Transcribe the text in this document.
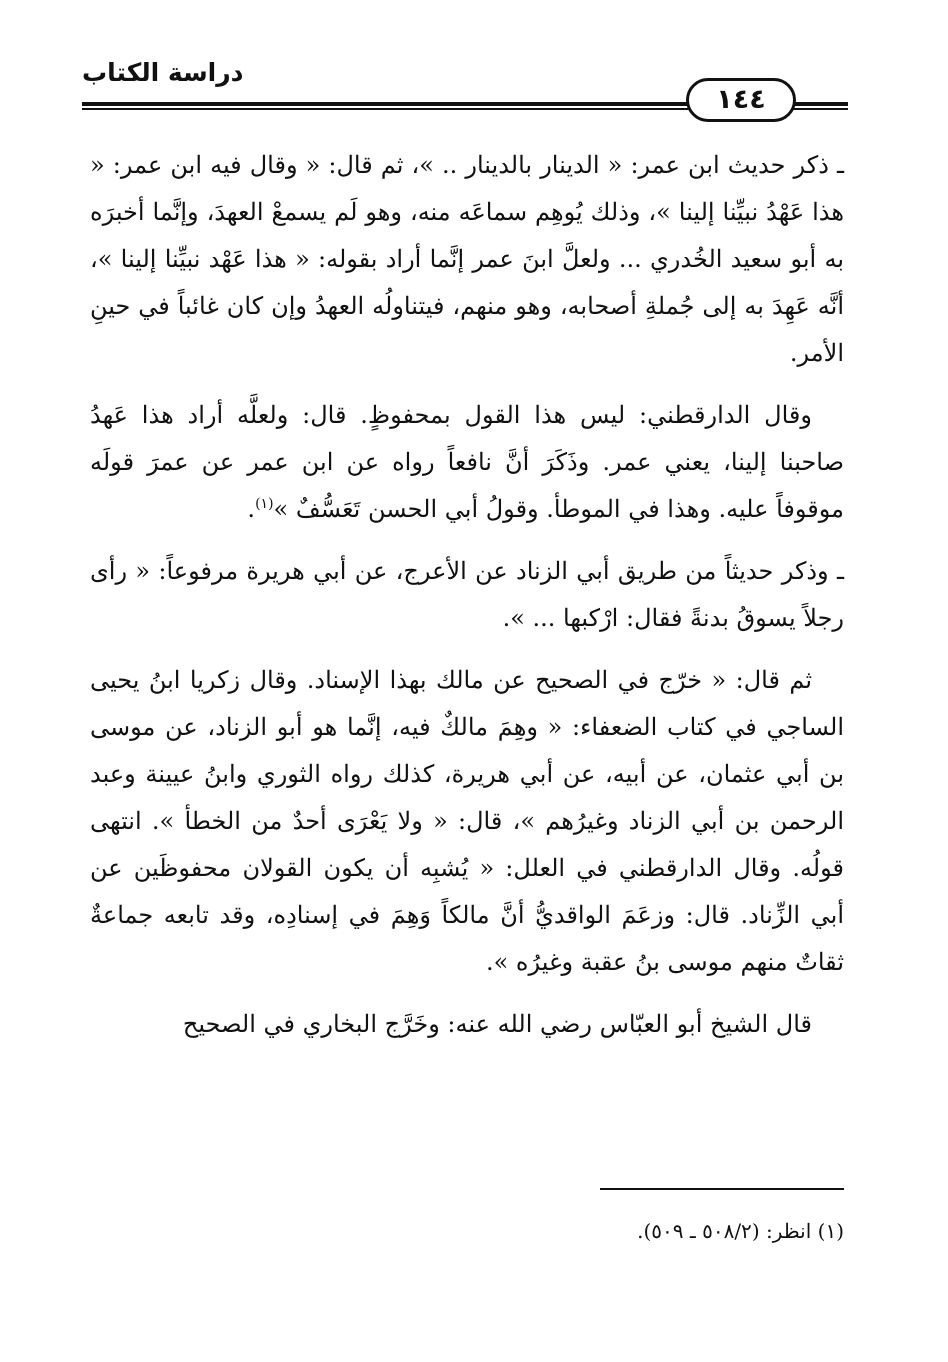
دراسة الكتاب
١٤٤

ـ ذكر حديث ابن عمر: « الدينار بالدينار .. »، ثم قال: « وقال فيه ابن عمر: « هذا عَهْدُ نبيِّنا إلينا »، وذلك يُوهِم سماعَه منه، وهو لَم يسمعْ العهدَ، وإنَّما أخبرَه به أبو سعيد الخُدري ... ولعلَّ ابنَ عمر إنَّما أراد بقوله: « هذا عَهْد نبيِّنا إلينا »، أنَّه عَهِدَ به إلى جُملةِ أصحابه، وهو منهم، فيتناولُه العهدُ وإن كان غائباً في حينِ الأمر.

وقال الدارقطني: ليس هذا القول بمحفوظٍ. قال: ولعلَّه أراد هذا عَهدُ صاحبنا إلينا، يعني عمر. وذَكَرَ أنَّ نافعاً رواه عن ابن عمر عن عمرَ قولَه موقوفاً عليه. وهذا في الموطأ. وقولُ أبي الحسن تَعَسُّفٌ »$^{(١)}$.

ـ وذكر حديثاً من طريق أبي الزناد عن الأعرج، عن أبي هريرة مرفوعاً: « رأى رجلاً يسوقُ بدنةً فقال: ارْكبها ... ».

ثم قال: « خرّج في الصحيح عن مالك بهذا الإسناد. وقال زكريا ابنُ يحيى الساجي في كتاب الضعفاء: « وهِمَ مالكٌ فيه، إنَّما هو أبو الزناد، عن موسى بن أبي عثمان، عن أبيه، عن أبي هريرة، كذلك رواه الثوري وابنُ عيينة وعبد الرحمن بن أبي الزناد وغيرُهم »، قال: « ولا يَعْرَى أحدٌ من الخطأ ». انتهى قولُه. وقال الدارقطني في العلل: « يُشبِه أن يكون القولان محفوظَين عن أبي الزِّناد. قال: وزعَمَ الواقديُّ أنَّ مالكاً وَهِمَ في إسنادِه، وقد تابعه جماعةٌ ثقاتٌ منهم موسى بنُ عقبة وغيرُه ».

قال الشيخ أبو العبّاس رضي الله عنه: وخَرَّج البخاري في الصحيح

(١) انظر: (٥٠٨/٢ ـ ٥٠٩).
